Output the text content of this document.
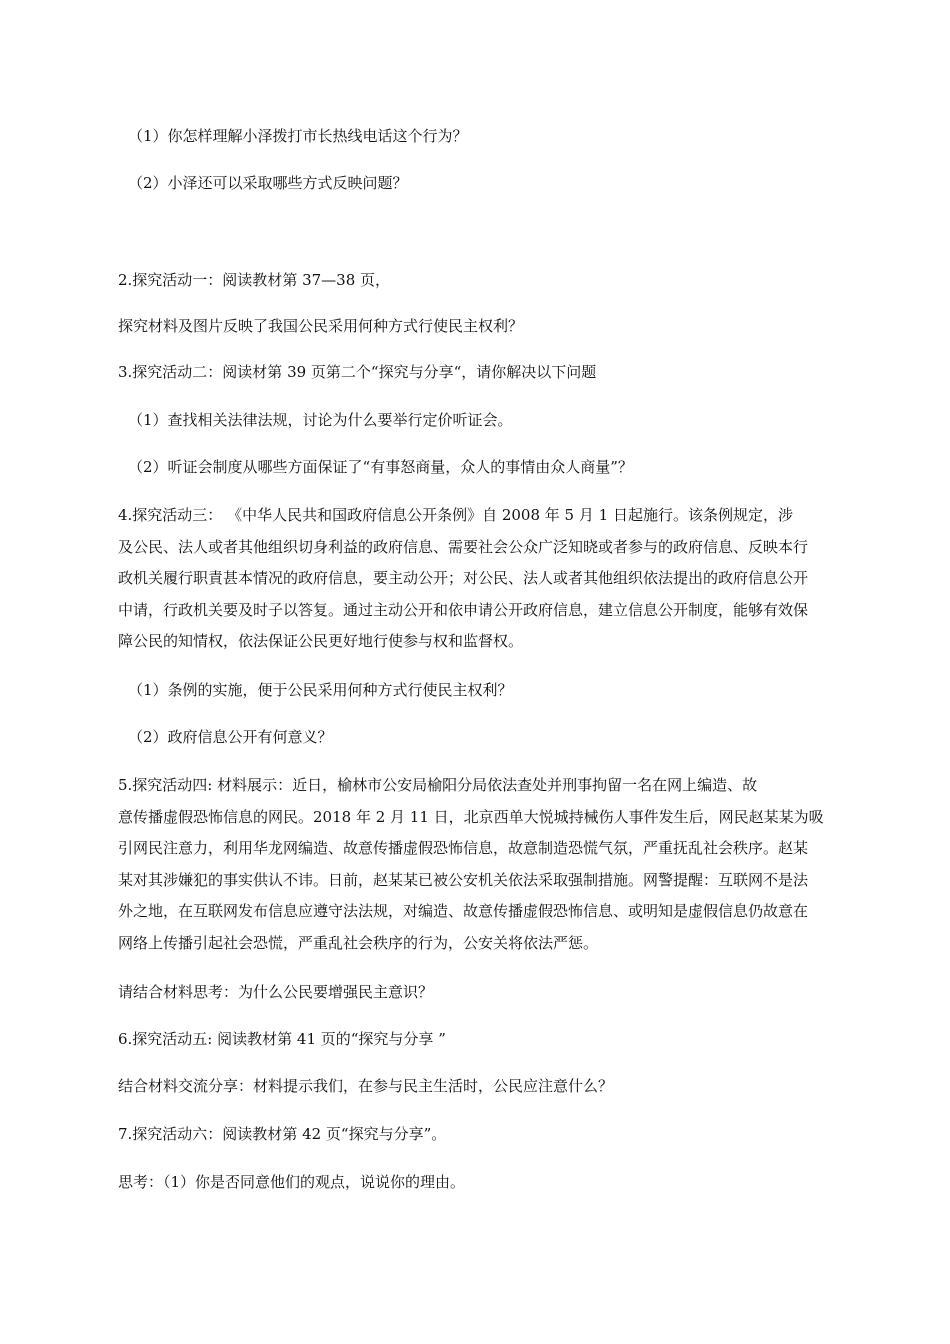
（1）你怎样理解小泽拨打市长热线电话这个行为？
（2）小泽还可以采取哪些方式反映问题？
2.探究活动一：阅读教材第 37—38 页，
探究材料及图片反映了我国公民采用何种方式行使民主权利？
3.探究活动二：阅读材第 39 页第二个“探究与分享“，请你解决以下问题
（1）查找相关法律法规，讨论为什么要举行定价听证会。
（2）听证会制度从哪些方面保证了“有事怒商量，众人的事情由众人商量”？
4.探究活动三： 《中华人民共和国政府信息公开条例》自 2008 年 5 月 1 日起施行。该条例规定，涉
及公民、法人或者其他组织切身利益的政府信息、需要社会公众广泛知晓或者参与的政府信息、反映本行
政机关履行职責甚本情况的政府信息，要主动公开；对公民、法人或者其他组织依法提出的政府信息公开
中请，行政机关要及时子以答复。通过主动公开和依申请公开政府信息，建立信息公开制度，能够有效保
障公民的知情权，依法保证公民更好地行使参与权和监督权。
（1）条例的实施，便于公民采用何种方式行使民主权利？
（2）政府信息公开有何意义？
5.探究活动四: 材料展示：近日，榆林市公安局榆阳分局依法查处并刑事拘留一名在网上编造、故
意传播虚假恐怖信息的网民。2018 年 2 月 11 日，北京西单大悦城持械伤人事件发生后，网民赵某某为吸
引网民注意力，利用华龙网编造、故意传播虚假恐怖信息，故意制造恐慌气氛，严重抚乱社会秩序。赵某
某对其涉嫌犯的事实供认不讳。日前，赵某某已被公安机关依法采取强制措施。网警提醒：互联网不是法
外之地，在互联网发布信息应遵守法法规，对编造、故意传播虚假恐怖信息、或明知是虚假信息仍故意在
网络上传播引起社会恐慌，严重乱社会秩序的行为，公安关将依法严惩。
请结合材料思考：为什么公民要增强民主意识？
6.探究活动五: 阅读教材第 41 页的“探究与分享 ”
结合材料交流分享：材料提示我们，在参与民主生活时，公民应注意什么？
7.探究活动六：阅读教材第 42 页“探究与分享”。
思考：（1）你是否同意他们的观点，说说你的理由。
